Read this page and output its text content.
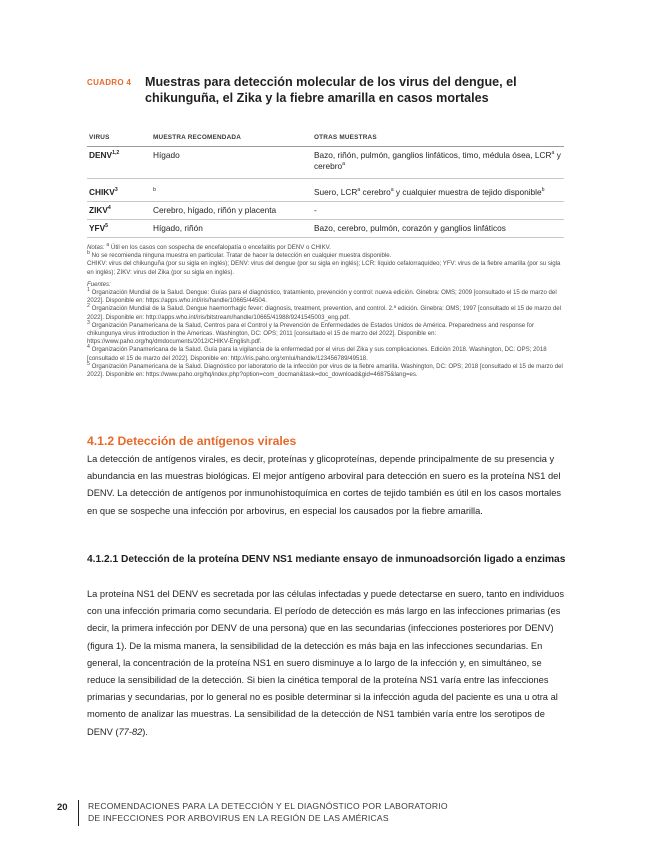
CUADRO 4	Muestras para detección molecular de los virus del dengue, el chikunguña, el Zika y la fiebre amarilla en casos mortales
VIRUS	MUESTRA RECOMENDADA	OTRAS MUESTRAS
DENV$^{1,2}$	Hígado	Bazo, riñón, pulmón, ganglios linfáticos, timo, médula ósea, LCR$^a$ y cerebro$^a$
CHIKV$^3$	$^b$	Suero, LCR$^a$ cerebro$^a$ y cualquier muestra de tejido disponible$^b$
ZIKV$^4$	Cerebro, hígado, riñón y placenta	-
YFV$^5$	Hígado, riñón	Bazo, cerebro, pulmón, corazón y ganglios linfáticos

Notas: $^a$ Útil en los casos con sospecha de encefalopatía o encefalitis por DENV o CHIKV.

$^b$ No se recomienda ninguna muestra en particular. Tratar de hacer la detección en cualquier muestra disponible.

CHIKV: virus del chikunguña (por su sigla en inglés); DENV: virus del dengue (por su sigla en inglés); LCR: líquido cefalorraquídeo; YFV: virus de la fiebre amarilla (por su sigla en inglés); ZIKV: virus del Zika (por su sigla en inglés).

Fuentes:

$^1$ Organización Mundial de la Salud. Dengue: Guías para el diagnóstico, tratamiento, prevención y control: nueva edición. Ginebra: OMS; 2009 [consultado el 15 de marzo del 2022]. Disponible en: https://apps.who.int/iris/handle/10665/44504.

$^2$ Organización Mundial de la Salud. Dengue haemorrhagic fever: diagnosis, treatment, prevention, and control. 2.ª edición. Ginebra: OMS; 1997 [consultado el 15 de marzo del 2022]. Disponible en: http://apps.who.int/iris/bitstream/handle/10665/41988/9241545003_eng.pdf.

$^3$ Organización Panamericana de la Salud, Centros para el Control y la Prevención de Enfermedades de Estados Unidos de América. Preparedness and response for chikungunya virus introduction in the Americas. Washington, DC: OPS; 2011 [consultado el 15 de marzo del 2022]. Disponible en: https://www.paho.org/hq/dmdocuments/2012/CHIKV-English.pdf.

$^4$ Organización Panamericana de la Salud. Guía para la vigilancia de la enfermedad por el virus del Zika y sus complicaciones. Edición 2018. Washington, DC: OPS; 2018 [consultado el 15 de marzo del 2022]. Disponible en: http://iris.paho.org/xmlui/handle/123456789/49518.

$^5$ Organización Panamericana de la Salud. Diagnóstico por laboratorio de la infección por virus de la fiebre amarilla. Washington, DC: OPS; 2018 [consultado el 15 de marzo del 2022]. Disponible en: https://www.paho.org/hq/index.php?option=com_docman&task=doc_download&gid=46875&lang=es.

4.1.2 Detección de antígenos virales

La detección de antígenos virales, es decir, proteínas y glicoproteínas, depende principalmente de su presencia y abundancia en las muestras biológicas. El mejor antígeno arboviral para detección en suero es la proteína NS1 del DENV. La detección de antígenos por inmunohistoquímica en cortes de tejido también es útil en los casos mortales en que se sospeche una infección por arbovirus, en especial los causados por la fiebre amarilla.

4.1.2.1 Detección de la proteína DENV NS1 mediante ensayo de inmunoadsorción ligado a enzimas

La proteína NS1 del DENV es secretada por las células infectadas y puede detectarse en suero, tanto en individuos con una infección primaria como secundaria. El período de detección es más largo en las infecciones primarias (es decir, la primera infección por DENV de una persona) que en las secundarias (infecciones posteriores por DENV) (figura 1). De la misma manera, la sensibilidad de la detección es más baja en las infecciones secundarias. En general, la concentración de la proteína NS1 en suero disminuye a lo largo de la infección y, en simultáneo, se reduce la sensibilidad de la detección. Si bien la cinética temporal de la proteína NS1 varía entre las infecciones primarias y secundarias, por lo general no es posible determinar si la infección aguda del paciente es una u otra al momento de analizar las muestras. La sensibilidad de la detección de NS1 también varía entre los serotipos de DENV (77-82).

20	RECOMENDACIONES PARA LA DETECCIÓN Y EL DIAGNÓSTICO POR LABORATORIO
DE INFECCIONES POR ARBOVIRUS EN LA REGIÓN DE LAS AMÉRICAS
